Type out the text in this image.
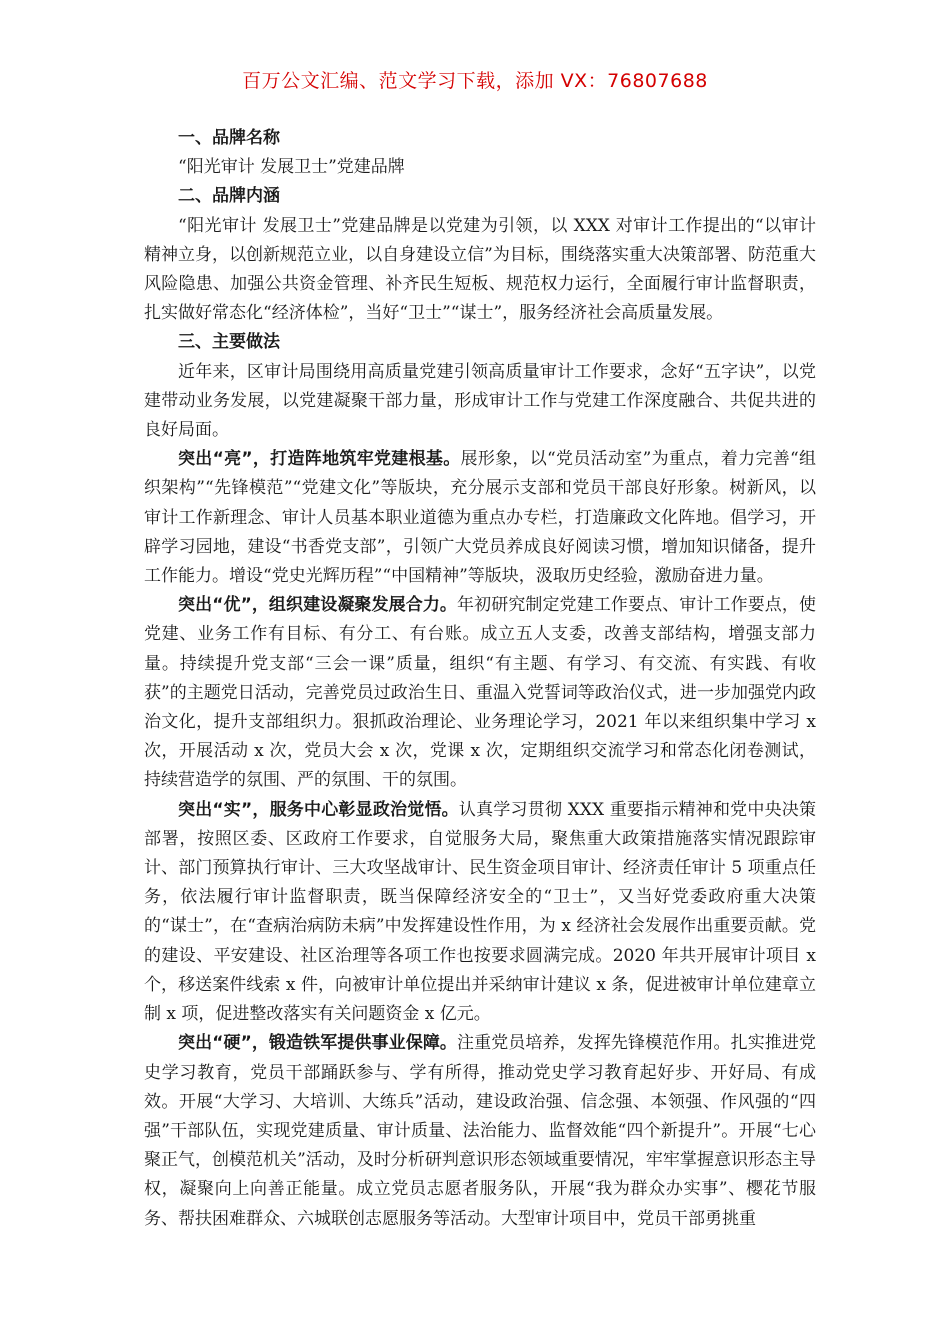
百万公文汇编、范文学习下载，添加 VX：76807688

一、品牌名称

“阳光审计 发展卫士”党建品牌

二、品牌内涵

“阳光审计 发展卫士”党建品牌是以党建为引领，以 XXX 对审计工作提出的“以审计精神立身，以创新规范立业，以自身建设立信”为目标，围绕落实重大决策部署、防范重大风险隐患、加强公共资金管理、补齐民生短板、规范权力运行，全面履行审计监督职责，扎实做好常态化“经济体检”，当好“卫士”“谋士”，服务经济社会高质量发展。

三、主要做法

近年来，区审计局围绕用高质量党建引领高质量审计工作要求，念好“五字诀”，以党建带动业务发展，以党建凝聚干部力量，形成审计工作与党建工作深度融合、共促共进的良好局面。

突出“亮”，打造阵地筑牢党建根基。展形象，以“党员活动室”为重点，着力完善“组织架构”“先锋模范”“党建文化”等版块，充分展示支部和党员干部良好形象。树新风，以审计工作新理念、审计人员基本职业道德为重点办专栏，打造廉政文化阵地。倡学习，开辟学习园地，建设“书香党支部”，引领广大党员养成良好阅读习惯，增加知识储备，提升工作能力。增设“党史光辉历程”“中国精神”等版块，汲取历史经验，激励奋进力量。

突出“优”，组织建设凝聚发展合力。年初研究制定党建工作要点、审计工作要点，使党建、业务工作有目标、有分工、有台账。成立五人支委，改善支部结构，增强支部力量。持续提升党支部“三会一课”质量，组织“有主题、有学习、有交流、有实践、有收获”的主题党日活动，完善党员过政治生日、重温入党誓词等政治仪式，进一步加强党内政治文化，提升支部组织力。狠抓政治理论、业务理论学习，2021 年以来组织集中学习 x 次，开展活动 x 次，党员大会 x 次，党课 x 次，定期组织交流学习和常态化闭卷测试，持续营造学的氛围、严的氛围、干的氛围。

突出“实”，服务中心彰显政治觉悟。认真学习贯彻 XXX 重要指示精神和党中央决策部署，按照区委、区政府工作要求，自觉服务大局，聚焦重大政策措施落实情况跟踪审计、部门预算执行审计、三大攻坚战审计、民生资金项目审计、经济责任审计 5 项重点任务，依法履行审计监督职责，既当保障经济安全的“卫士”，又当好党委政府重大决策的“谋士”，在“查病治病防未病”中发挥建设性作用，为 x 经济社会发展作出重要贡献。党的建设、平安建设、社区治理等各项工作也按要求圆满完成。2020 年共开展审计项目 x 个，移送案件线索 x 件，向被审计单位提出并采纳审计建议 x 条，促进被审计单位建章立制 x 项，促进整改落实有关问题资金 x 亿元。

突出“硬”，锻造铁军提供事业保障。注重党员培养，发挥先锋模范作用。扎实推进党史学习教育，党员干部踊跃参与、学有所得，推动党史学习教育起好步、开好局、有成效。开展“大学习、大培训、大练兵”活动，建设政治强、信念强、本领强、作风强的“四强”干部队伍，实现党建质量、审计质量、法治能力、监督效能“四个新提升”。开展“七心聚正气，创模范机关”活动，及时分析研判意识形态领域重要情况，牢牢掌握意识形态主导权，凝聚向上向善正能量。成立党员志愿者服务队，开展“我为群众办实事”、樱花节服务、帮扶困难群众、六城联创志愿服务等活动。大型审计项目中，党员干部勇挑重
